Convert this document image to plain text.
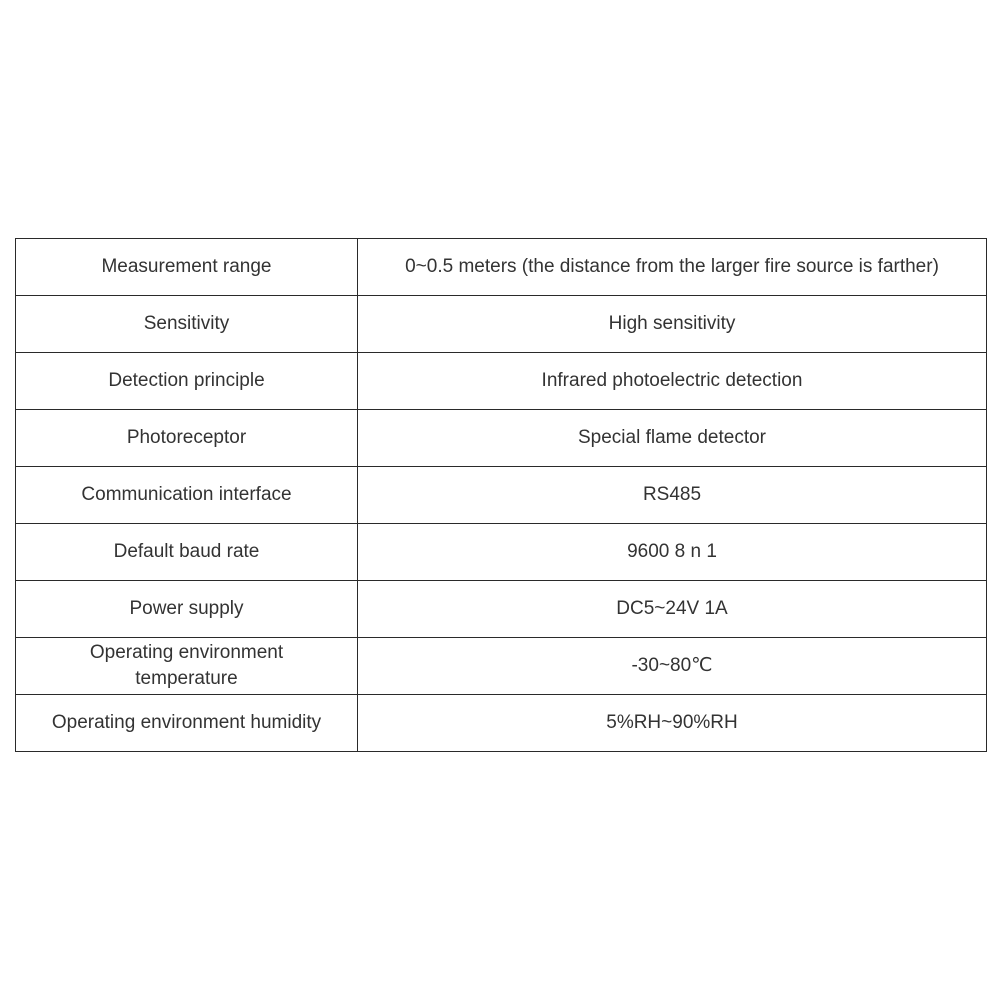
Measurement range	0~0.5 meters (the distance from the larger fire source is farther)
Sensitivity	High sensitivity
Detection principle	Infrared photoelectric detection
Photoreceptor	Special flame detector
Communication interface	RS485
Default baud rate	9600 8 n 1
Power supply	DC5~24V 1A
Operating environment temperature	-30~80℃
Operating environment humidity	5%RH~90%RH
